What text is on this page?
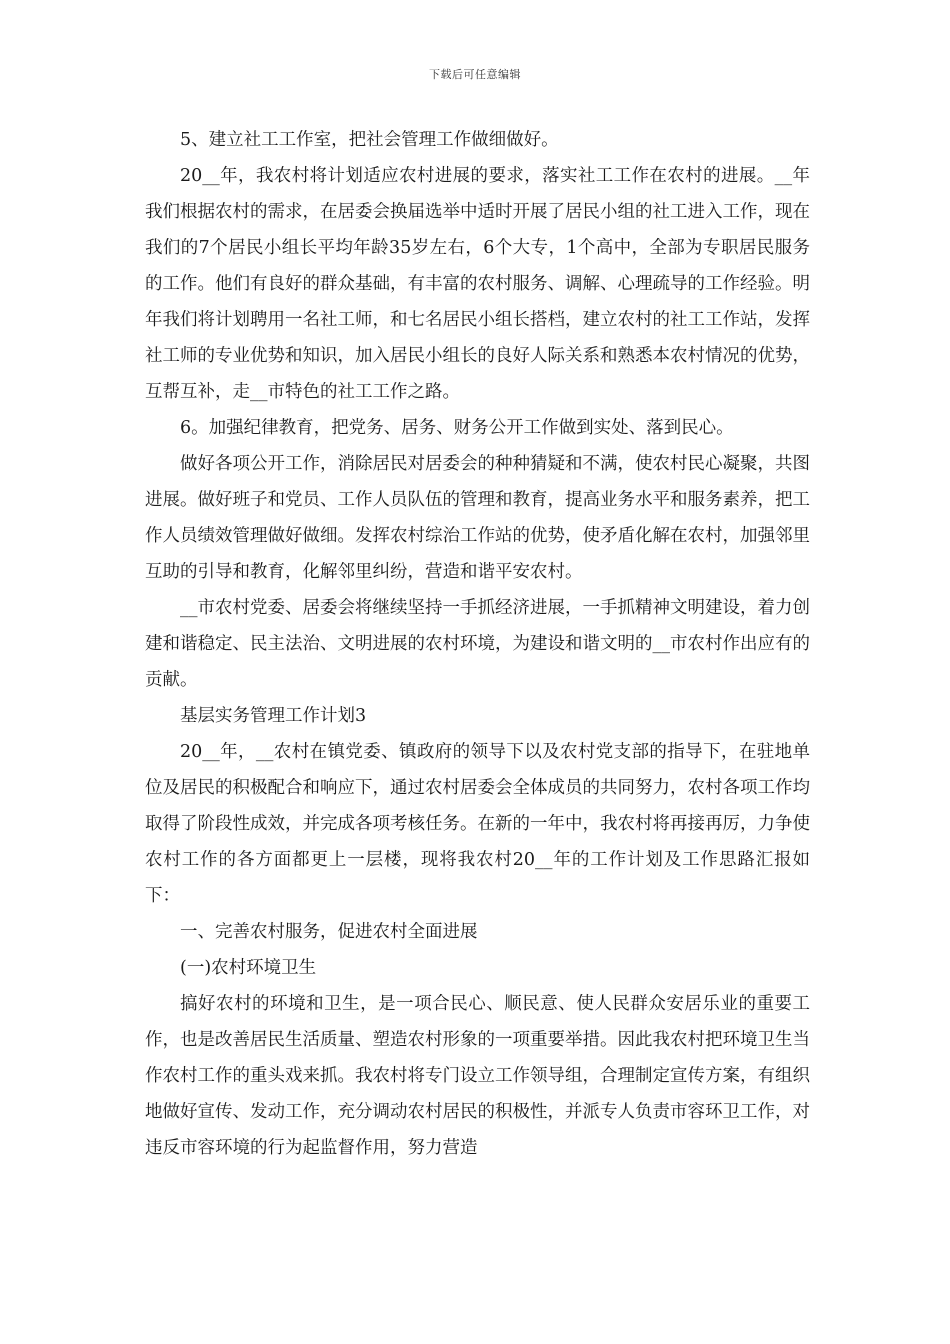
下载后可任意编辑

5、建立社工工作室，把社会管理工作做细做好。

20__年，我农村将计划适应农村进展的要求，落实社工工作在农村的进展。__年我们根据农村的需求，在居委会换届选举中适时开展了居民小组的社工进入工作，现在我们的7个居民小组长平均年龄35岁左右，6个大专，1个高中，全部为专职居民服务的工作。他们有良好的群众基础，有丰富的农村服务、调解、心理疏导的工作经验。明年我们将计划聘用一名社工师，和七名居民小组长搭档，建立农村的社工工作站，发挥社工师的专业优势和知识，加入居民小组长的良好人际关系和熟悉本农村情况的优势，互帮互补，走__市特色的社工工作之路。

6。加强纪律教育，把党务、居务、财务公开工作做到实处、落到民心。

做好各项公开工作，消除居民对居委会的种种猜疑和不满，使农村民心凝聚，共图进展。做好班子和党员、工作人员队伍的管理和教育，提高业务水平和服务素养，把工作人员绩效管理做好做细。发挥农村综治工作站的优势，使矛盾化解在农村，加强邻里互助的引导和教育，化解邻里纠纷，营造和谐平安农村。

__市农村党委、居委会将继续坚持一手抓经济进展，一手抓精神文明建设，着力创建和谐稳定、民主法治、文明进展的农村环境，为建设和谐文明的__市农村作出应有的贡献。

基层实务管理工作计划3

20__年，__农村在镇党委、镇政府的领导下以及农村党支部的指导下，在驻地单位及居民的积极配合和响应下，通过农村居委会全体成员的共同努力，农村各项工作均取得了阶段性成效，并完成各项考核任务。在新的一年中，我农村将再接再厉，力争使农村工作的各方面都更上一层楼，现将我农村20__年的工作计划及工作思路汇报如下：

一、完善农村服务，促进农村全面进展

(一)农村环境卫生

搞好农村的环境和卫生，是一项合民心、顺民意、使人民群众安居乐业的重要工作，也是改善居民生活质量、塑造农村形象的一项重要举措。因此我农村把环境卫生当作农村工作的重头戏来抓。我农村将专门设立工作领导组，合理制定宣传方案，有组织地做好宣传、发动工作，充分调动农村居民的积极性，并派专人负责市容环卫工作，对违反市容环境的行为起监督作用，努力营造
